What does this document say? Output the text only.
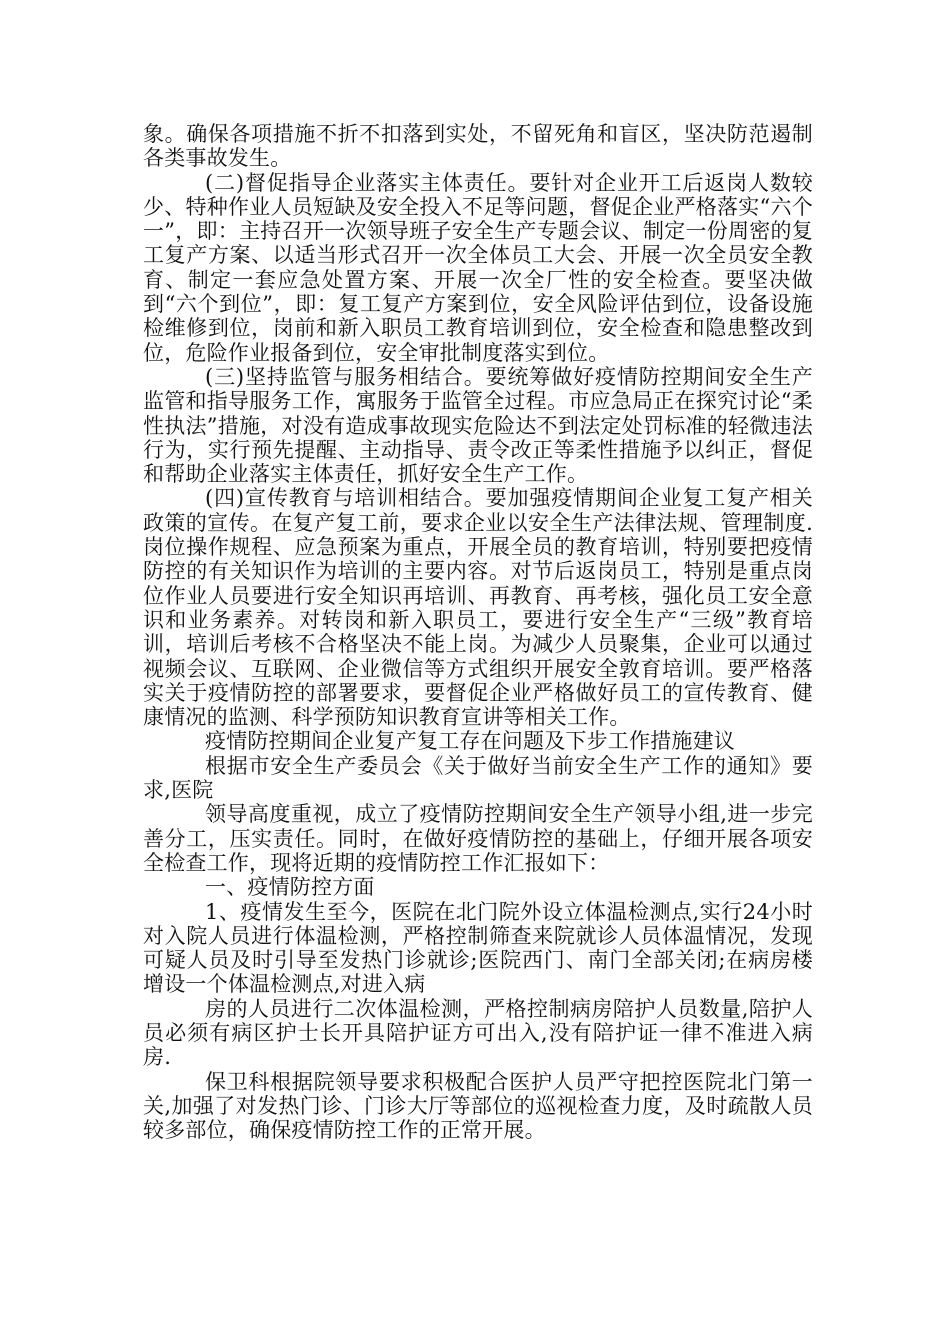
象。确保各项措施不折不扣落到实处，不留死角和盲区，坚决防范遏制各类事故发生。

(二)督促指导企业落实主体责任。要针对企业开工后返岗人数较少、特种作业人员短缺及安全投入不足等问题，督促企业严格落实“六个一”，即：主持召开一次领导班子安全生产专题会议、制定一份周密的复工复产方案、以适当形式召开一次全体员工大会、开展一次全员安全教育、制定一套应急处置方案、开展一次全厂性的安全检查。要坚决做到“六个到位”，即：复工复产方案到位，安全风险评估到位，设备设施检维修到位，岗前和新入职员工教育培训到位，安全检查和隐患整改到位，危险作业报备到位，安全审批制度落实到位。

(三)坚持监管与服务相结合。要统筹做好疫情防控期间安全生产监管和指导服务工作，寓服务于监管全过程。市应急局正在探究讨论“柔性执法”措施，对没有造成事故现实危险达不到法定处罚标准的轻微违法行为，实行预先提醒、主动指导、责令改正等柔性措施予以纠正，督促和帮助企业落实主体责任，抓好安全生产工作。

(四)宣传教育与培训相结合。要加强疫情期间企业复工复产相关政策的宣传。在复产复工前，要求企业以安全生产法律法规、管理制度.岗位操作规程、应急预案为重点，开展全员的教育培训，特别要把疫情防控的有关知识作为培训的主要内容。对节后返岗员工，特别是重点岗位作业人员要进行安全知识再培训、再教育、再考核，强化员工安全意识和业务素养。对转岗和新入职员工，要进行安全生产“三级”教育培训，培训后考核不合格坚决不能上岗。为减少人员聚集，企业可以通过视频会议、互联网、企业微信等方式组织开展安全敦育培训。要严格落实关于疫情防控的部署要求，要督促企业严格做好员工的宣传教育、健康情况的监测、科学预防知识教育宣讲等相关工作。

疫情防控期间企业复产复工存在问题及下步工作措施建议

根据市安全生产委员会《关于做好当前安全生产工作的通知》要求,医院

领导高度重视，成立了疫情防控期间安全生产领导小组,进一步完善分工，压实责任。同时，在做好疫情防控的基础上，仔细开展各项安全检查工作，现将近期的疫情防控工作汇报如下：

一、疫情防控方面

1、疫情发生至今，医院在北门院外设立体温检测点,实行24小时对入院人员进行体温检测，严格控制筛查来院就诊人员体温情况，发现可疑人员及时引导至发热门诊就诊;医院西门、南门全部关闭;在病房楼增设一个体温检测点,对进入病

房的人员进行二次体温检测，严格控制病房陪护人员数量,陪护人员必须有病区护士长开具陪护证方可出入,没有陪护证一律不准进入病房.

保卫科根据院领导要求积极配合医护人员严守把控医院北门第一关,加强了对发热门诊、门诊大厅等部位的巡视检查力度，及时疏散人员较多部位，确保疫情防控工作的正常开展。
